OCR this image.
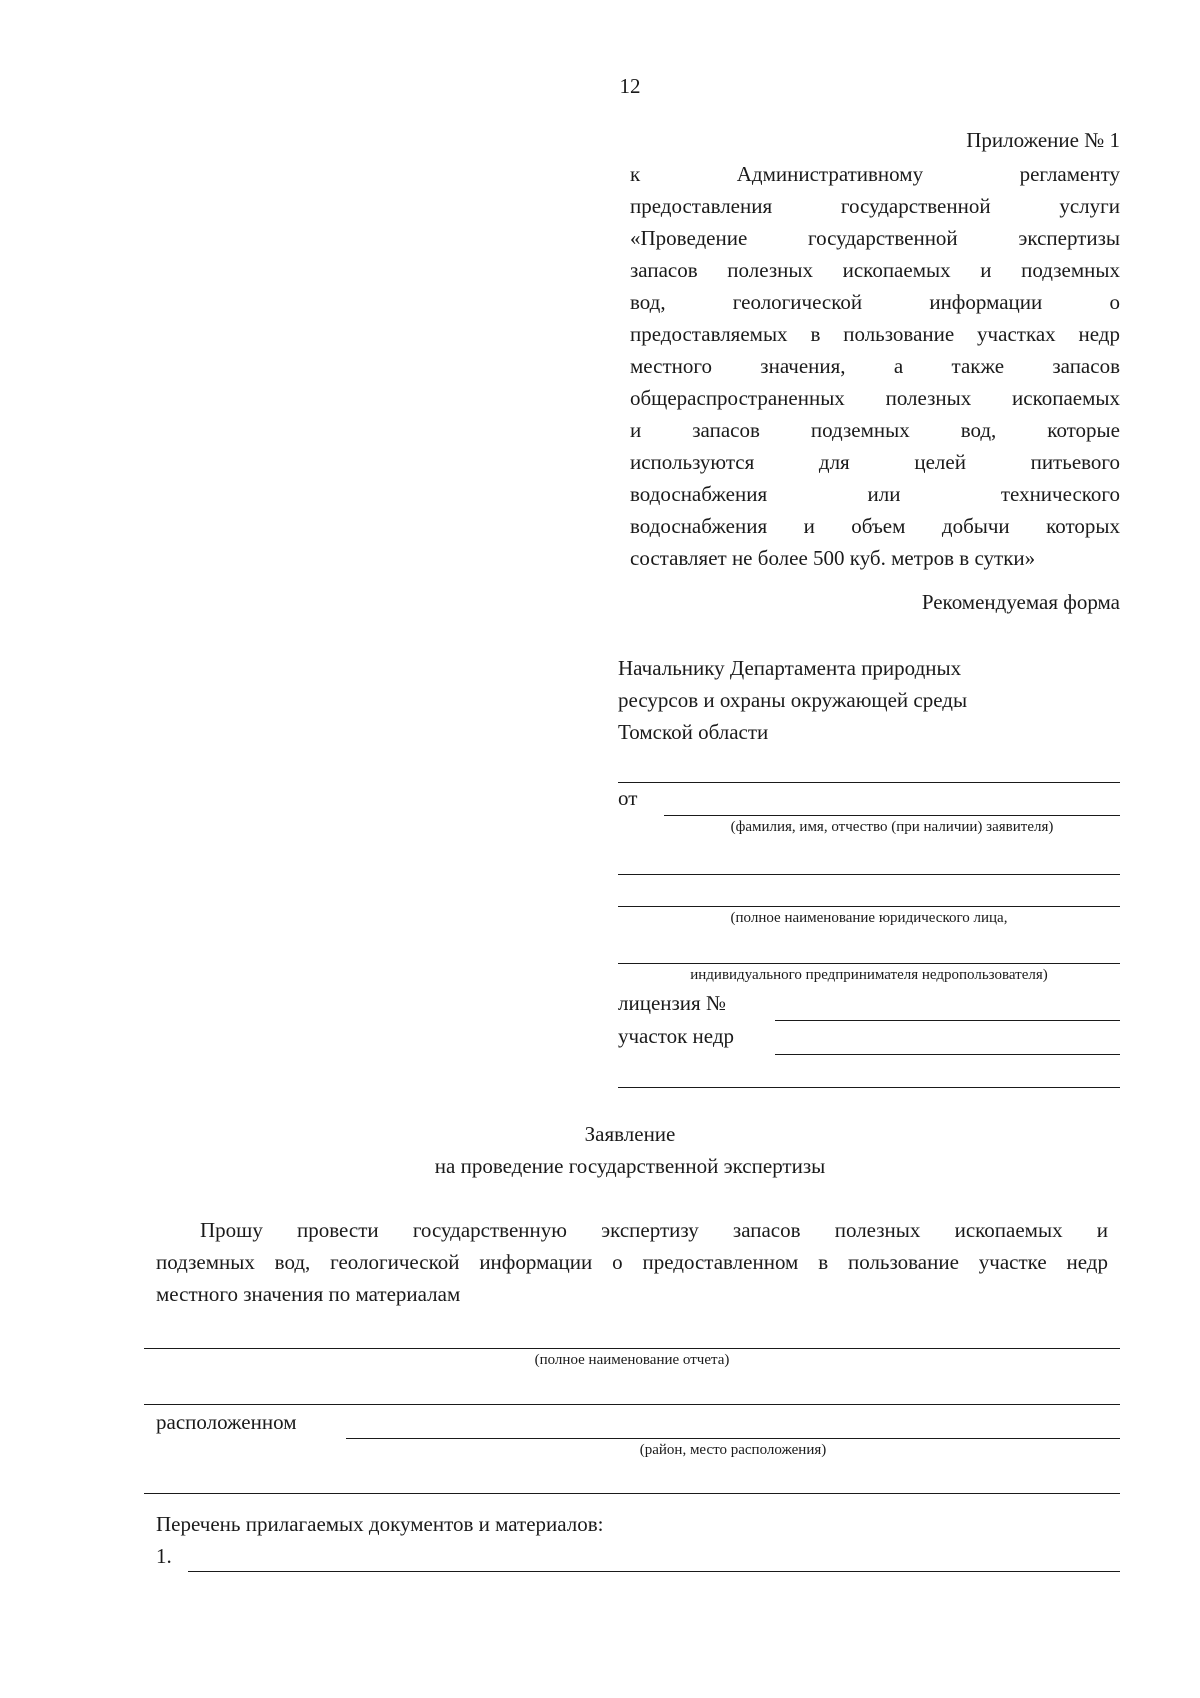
12
Приложение № 1
к Административному регламенту
предоставления государственной услуги
«Проведение государственной экспертизы
запасов полезных ископаемых и подземных
вод, геологической информации о
предоставляемых в пользование участках недр
местного значения, а также запасов
общераспространенных полезных ископаемых
и запасов подземных вод, которые
используются для целей питьевого
водоснабжения или технического
водоснабжения и объем добычи которых
составляет не более 500 куб. метров в сутки»
Рекомендуемая форма
Начальнику Департамента природных
ресурсов и охраны окружающей среды
Томской области
от
(фамилия, имя, отчество (при наличии) заявителя)
(полное наименование юридического лица,
индивидуального предпринимателя недропользователя)
лицензия №
участок недр
Заявление
на проведение государственной экспертизы
Прошу провести государственную экспертизу запасов полезных ископаемых и
подземных вод, геологической информации о предоставленном в пользование участке недр
местного значения по материалам
(полное наименование отчета)
расположенном
(район, место расположения)
Перечень прилагаемых документов и материалов:
1.
